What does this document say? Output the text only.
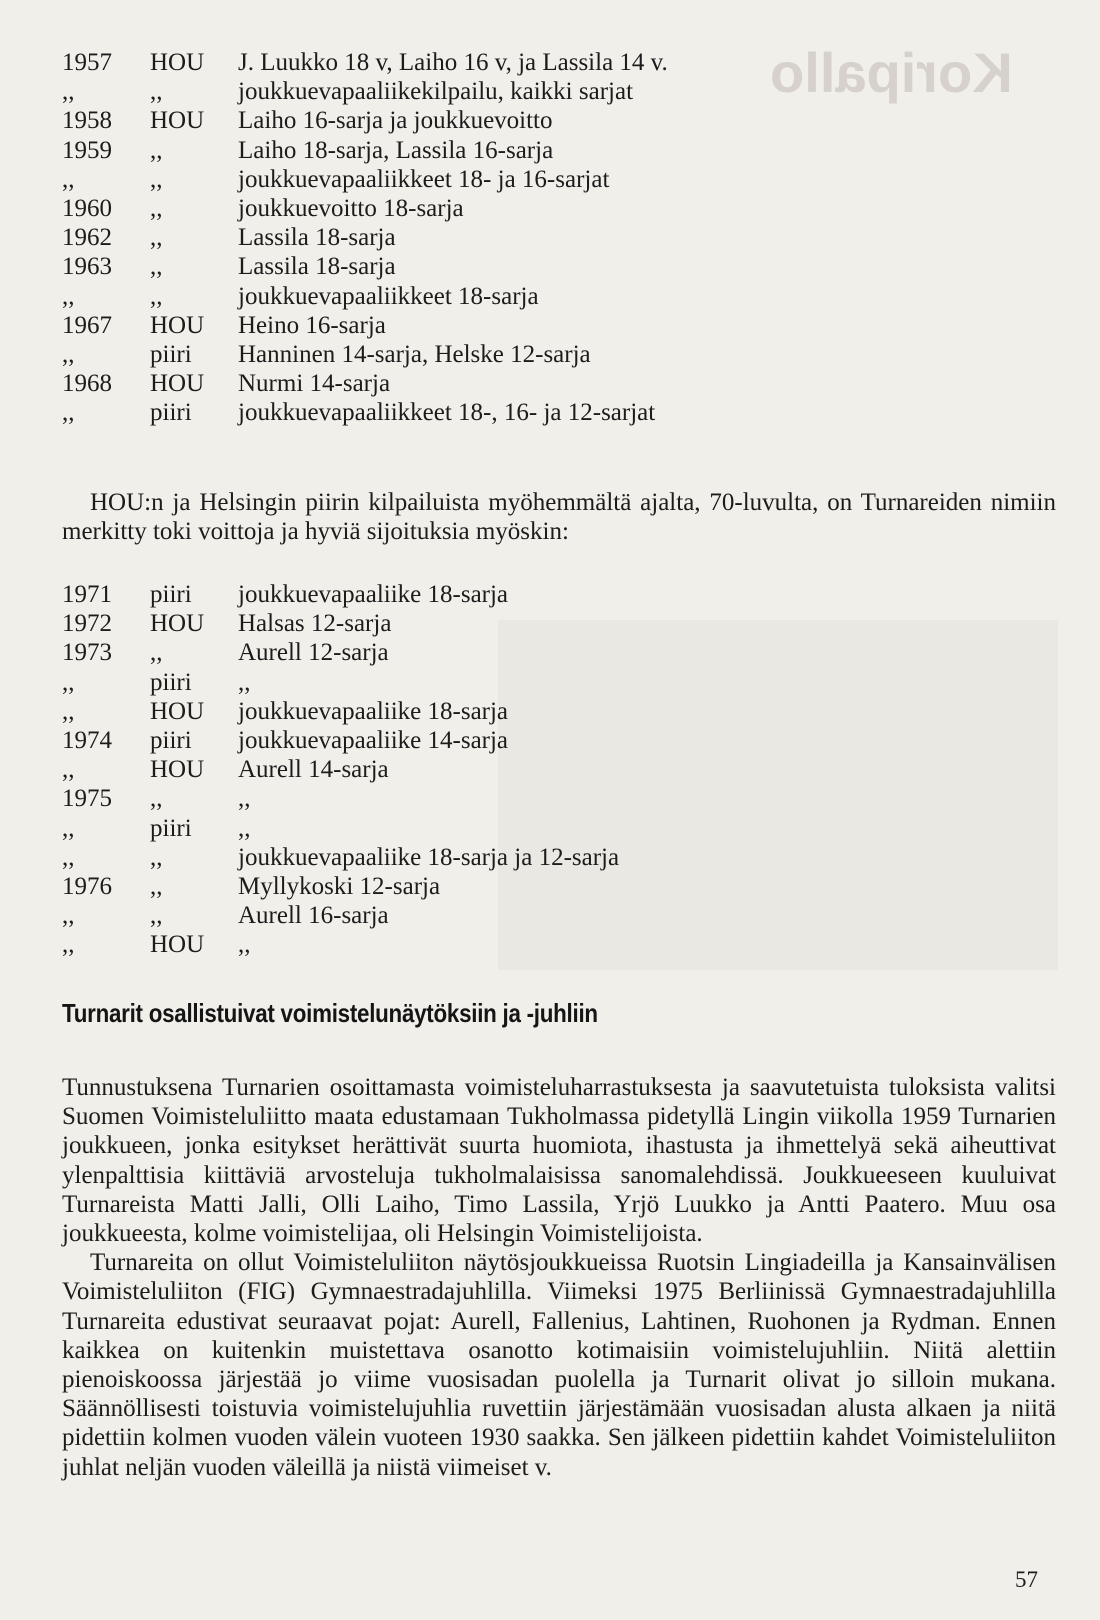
Koripallo
1957	HOU	J. Luukko 18 v, Laiho 16 v, ja Lassila 14 v.
,,	,,	joukkuevapaaliikekilpailu, kaikki sarjat
1958	HOU	Laiho 16-sarja ja joukkuevoitto
1959	,,	Laiho 18-sarja, Lassila 16-sarja
,,	,,	joukkuevapaaliikkeet 18- ja 16-sarjat
1960	,,	joukkuevoitto 18-sarja
1962	,,	Lassila 18-sarja
1963	,,	Lassila 18-sarja
,,	,,	joukkuevapaaliikkeet 18-sarja
1967	HOU	Heino 16-sarja
,,	piiri	Hanninen 14-sarja, Helske 12-sarja
1968	HOU	Nurmi 14-sarja
,,	piiri	joukkuevapaaliikkeet 18-, 16- ja 12-sarjat
HOU:n ja Helsingin piirin kilpailuista myöhemmältä ajalta, 70-luvulta, on Turnareiden nimiin merkitty toki voittoja ja hyviä sijoituksia myöskin:
1971	piiri	joukkuevapaaliike 18-sarja
1972	HOU	Halsas 12-sarja
1973	,,	Aurell 12-sarja
,,	piiri	,,
,,	HOU	joukkuevapaaliike 18-sarja
1974	piiri	joukkuevapaaliike 14-sarja
,,	HOU	Aurell 14-sarja
1975	,,	,,
,,	piiri	,,
,,	,,	joukkuevapaaliike 18-sarja ja 12-sarja
1976	,,	Myllykoski 12-sarja
,,	,,	Aurell 16-sarja
,,	HOU	,,
Turnarit osallistuivat voimistelunäytöksiin ja -juhliin

Tunnustuksena Turnarien osoittamasta voimisteluharrastuksesta ja saavutetuista tuloksista valitsi Suomen Voimisteluliitto maata edustamaan Tukholmassa pidetyllä Lingin viikolla 1959 Turnarien joukkueen, jonka esitykset herättivät suurta huomiota, ihastusta ja ihmettelyä sekä aiheuttivat ylenpalttisia kiittäviä arvosteluja tukholmalaisissa sanomalehdissä. Joukkueeseen kuuluivat Turnareista Matti Jalli, Olli Laiho, Timo Lassila, Yrjö Luukko ja Antti Paatero. Muu osa joukkueesta, kolme voimistelijaa, oli Helsingin Voimistelijoista.

Turnareita on ollut Voimisteluliiton näytösjoukkueissa Ruotsin Lingiadeilla ja Kansainvälisen Voimisteluliiton (FIG) Gymnaestradajuhlilla. Viimeksi 1975 Berliinissä Gymnaestradajuhlilla Turnareita edustivat seuraavat pojat: Aurell, Fallenius, Lahtinen, Ruohonen ja Rydman. Ennen kaikkea on kuitenkin muistettava osanotto kotimaisiin voimistelujuhliin. Niitä alettiin pienoiskoossa järjestää jo viime vuosisadan puolella ja Turnarit olivat jo silloin mukana. Säännöllisesti toistuvia voimistelujuhlia ruvettiin järjestämään vuosisadan alusta alkaen ja niitä pidettiin kolmen vuoden välein vuoteen 1930 saakka. Sen jälkeen pidettiin kahdet Voimisteluliiton juhlat neljän vuoden väleillä ja niistä viimeiset v.

57
